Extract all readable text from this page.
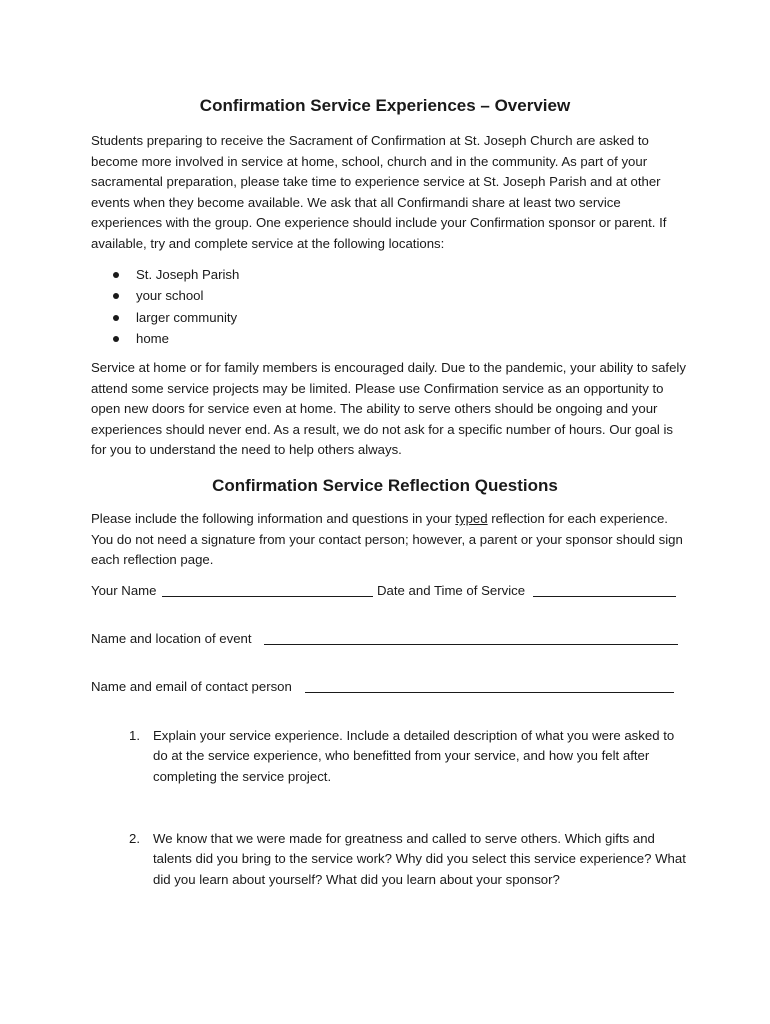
Confirmation Service Experiences – Overview

Students preparing to receive the Sacrament of Confirmation at St. Joseph Church are asked to become more involved in service at home, school, church and in the community. As part of your sacramental preparation, please take time to experience service at St. Joseph Parish and at other events when they become available. We ask that all Confirmandi share at least two service experiences with the group. One experience should include your Confirmation sponsor or parent. If available, try and complete service at the following locations:

St. Joseph Parish
your school
larger community
home

Service at home or for family members is encouraged daily. Due to the pandemic, your ability to safely attend some service projects may be limited. Please use Confirmation service as an opportunity to open new doors for service even at home. The ability to serve others should be ongoing and your experiences should never end. As a result, we do not ask for a specific number of hours. Our goal is for you to understand the need to help others always.

Confirmation Service Reflection Questions

Please include the following information and questions in your typed reflection for each experience. You do not need a signature from your contact person; however, a parent or your sponsor should sign each reflection page.

Your Name	Date and Time of Service
Name and location of event
Name and email of contact person
1. Explain your service experience. Include a detailed description of what you were asked to do at the service experience, who benefitted from your service, and how you felt after completing the service project.
2. We know that we were made for greatness and called to serve others. Which gifts and talents did you bring to the service work? Why did you select this service experience? What did you learn about yourself? What did you learn about your sponsor?
